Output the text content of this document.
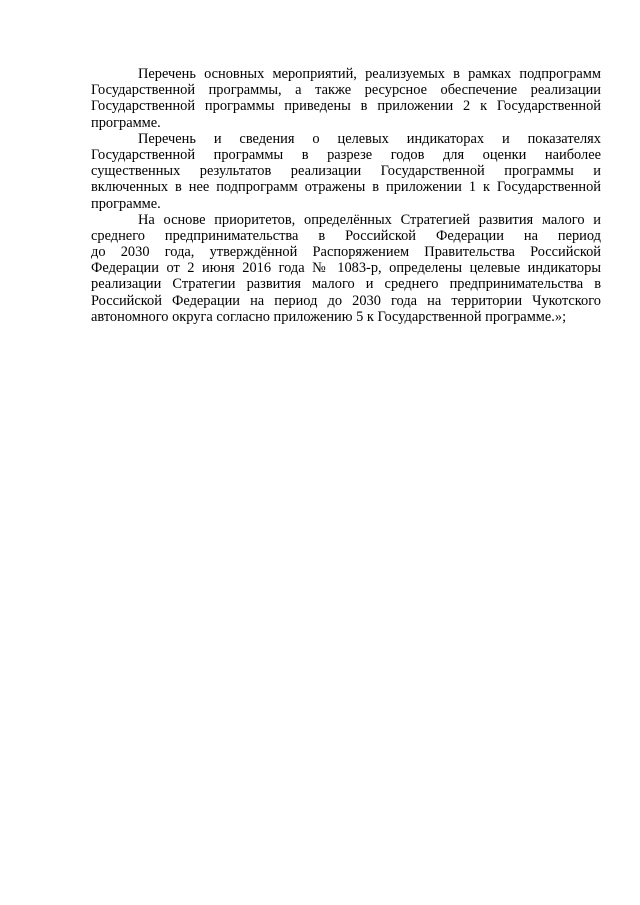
Перечень основных мероприятий, реализуемых в рамках подпрограмм
Государственной программы, а также ресурсное обеспечение реализации
Государственной программы приведены в приложении 2 к Государственной
программе.
Перечень и сведения о целевых индикаторах и показателях
Государственной программы в разрезе годов для оценки наиболее
существенных результатов реализации Государственной программы и
включенных в нее подпрограмм отражены в приложении 1 к Государственной
программе.
На основе приоритетов, определённых Стратегией развития малого и
среднего предпринимательства в Российской Федерации на период
до 2030 года, утверждённой Распоряжением Правительства Российской
Федерации от 2 июня 2016 года № 1083-р, определены целевые индикаторы
реализации Стратегии развития малого и среднего предпринимательства в
Российской Федерации на период до 2030 года на территории Чукотского
автономного округа согласно приложению 5 к Государственной программе.»;
